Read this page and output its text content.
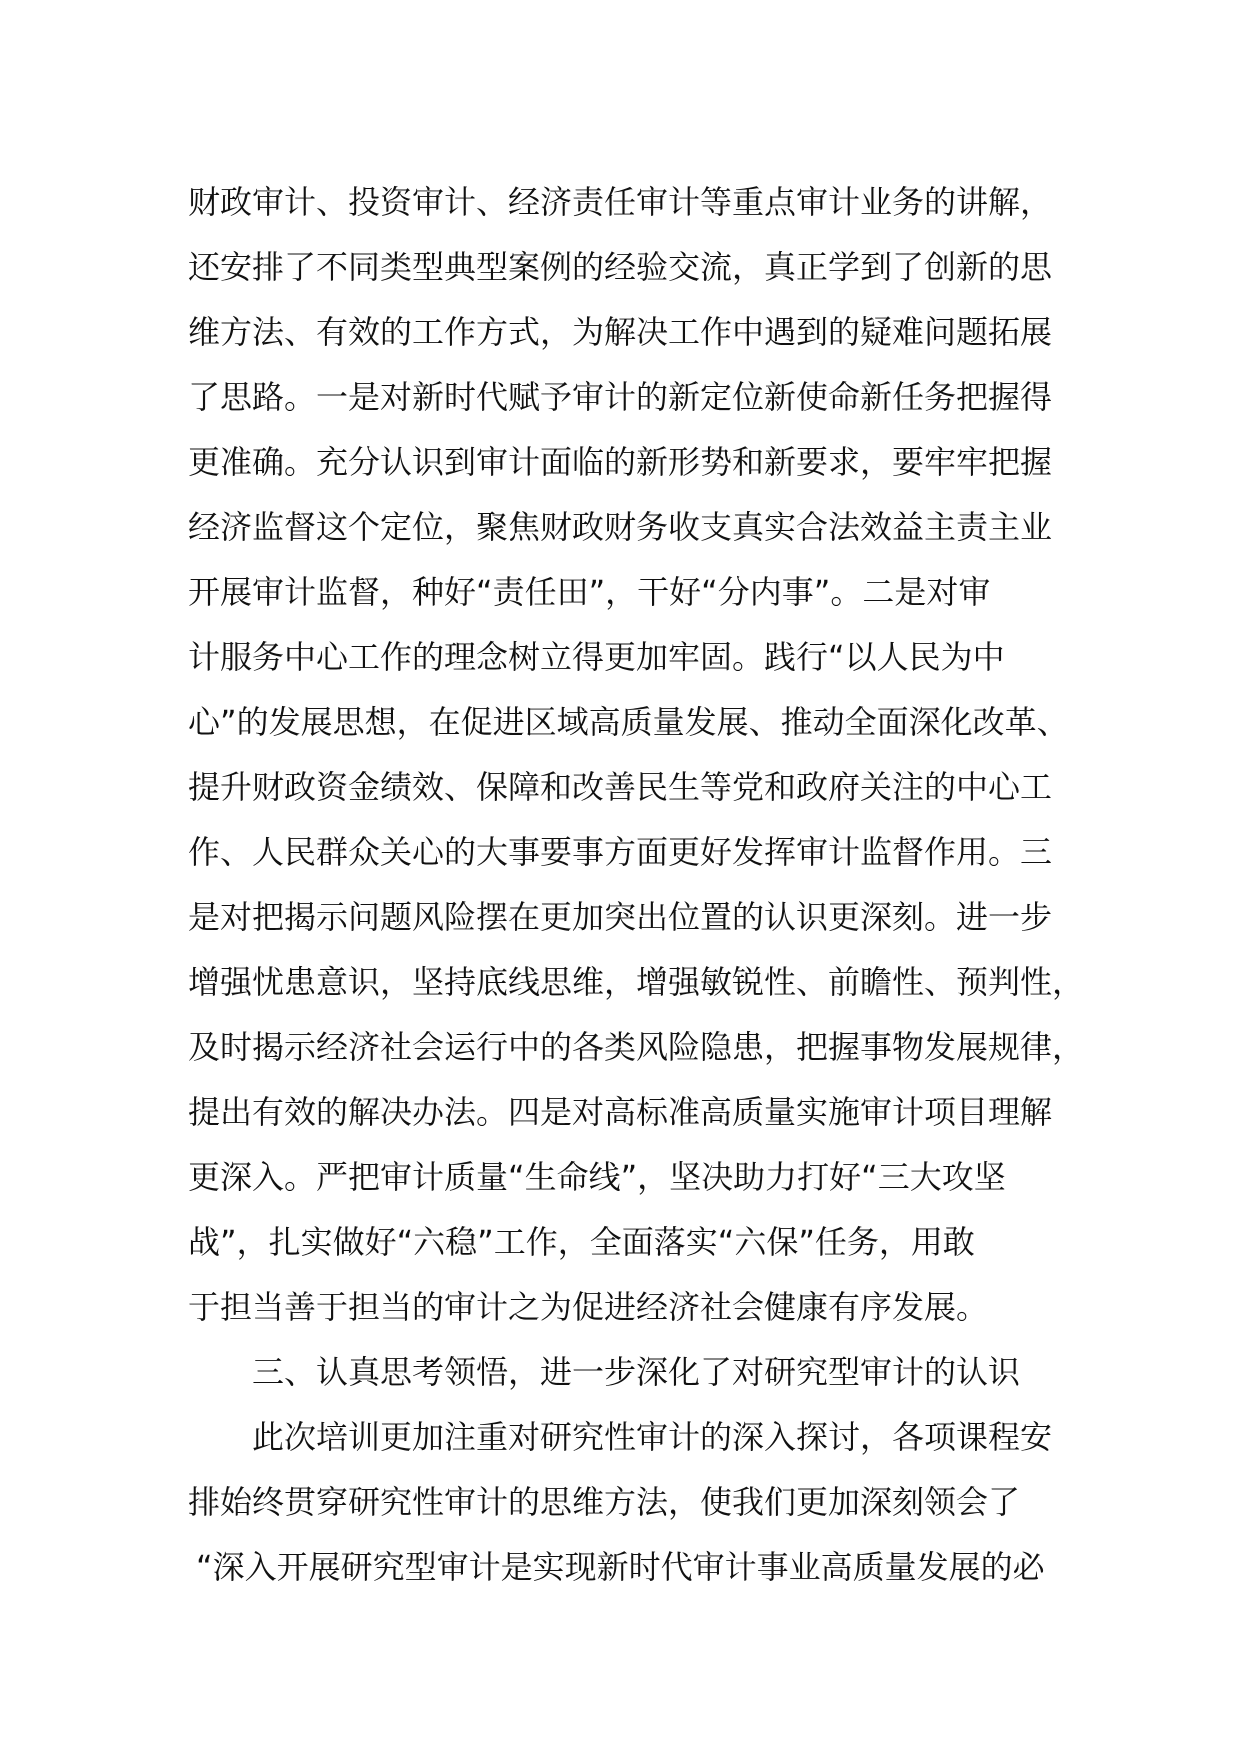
财政审计、投资审计、经济责任审计等重点审计业务的讲解，
还安排了不同类型典型案例的经验交流，真正学到了创新的思
维方法、有效的工作方式，为解决工作中遇到的疑难问题拓展
了思路。一是对新时代赋予审计的新定位新使命新任务把握得
更准确。充分认识到审计面临的新形势和新要求，要牢牢把握
经济监督这个定位，聚焦财政财务收支真实合法效益主责主业
开展审计监督，种好“责任田”，干好“分内事”。二是对审
计服务中心工作的理念树立得更加牢固。践行“以人民为中
心”的发展思想，在促进区域高质量发展、推动全面深化改革、
提升财政资金绩效、保障和改善民生等党和政府关注的中心工
作、人民群众关心的大事要事方面更好发挥审计监督作用。三
是对把揭示问题风险摆在更加突出位置的认识更深刻。进一步
增强忧患意识，坚持底线思维，增强敏锐性、前瞻性、预判性，
及时揭示经济社会运行中的各类风险隐患，把握事物发展规律，
提出有效的解决办法。四是对高标准高质量实施审计项目理解
更深入。严把审计质量“生命线”，坚决助力打好“三大攻坚
战”，扎实做好“六稳”工作，全面落实“六保”任务，用敢
于担当善于担当的审计之为促进经济社会健康有序发展。
三、认真思考领悟，进一步深化了对研究型审计的认识
此次培训更加注重对研究性审计的深入探讨，各项课程安
排始终贯穿研究性审计的思维方法，使我们更加深刻领会了
“深入开展研究型审计是实现新时代审计事业高质量发展的必
